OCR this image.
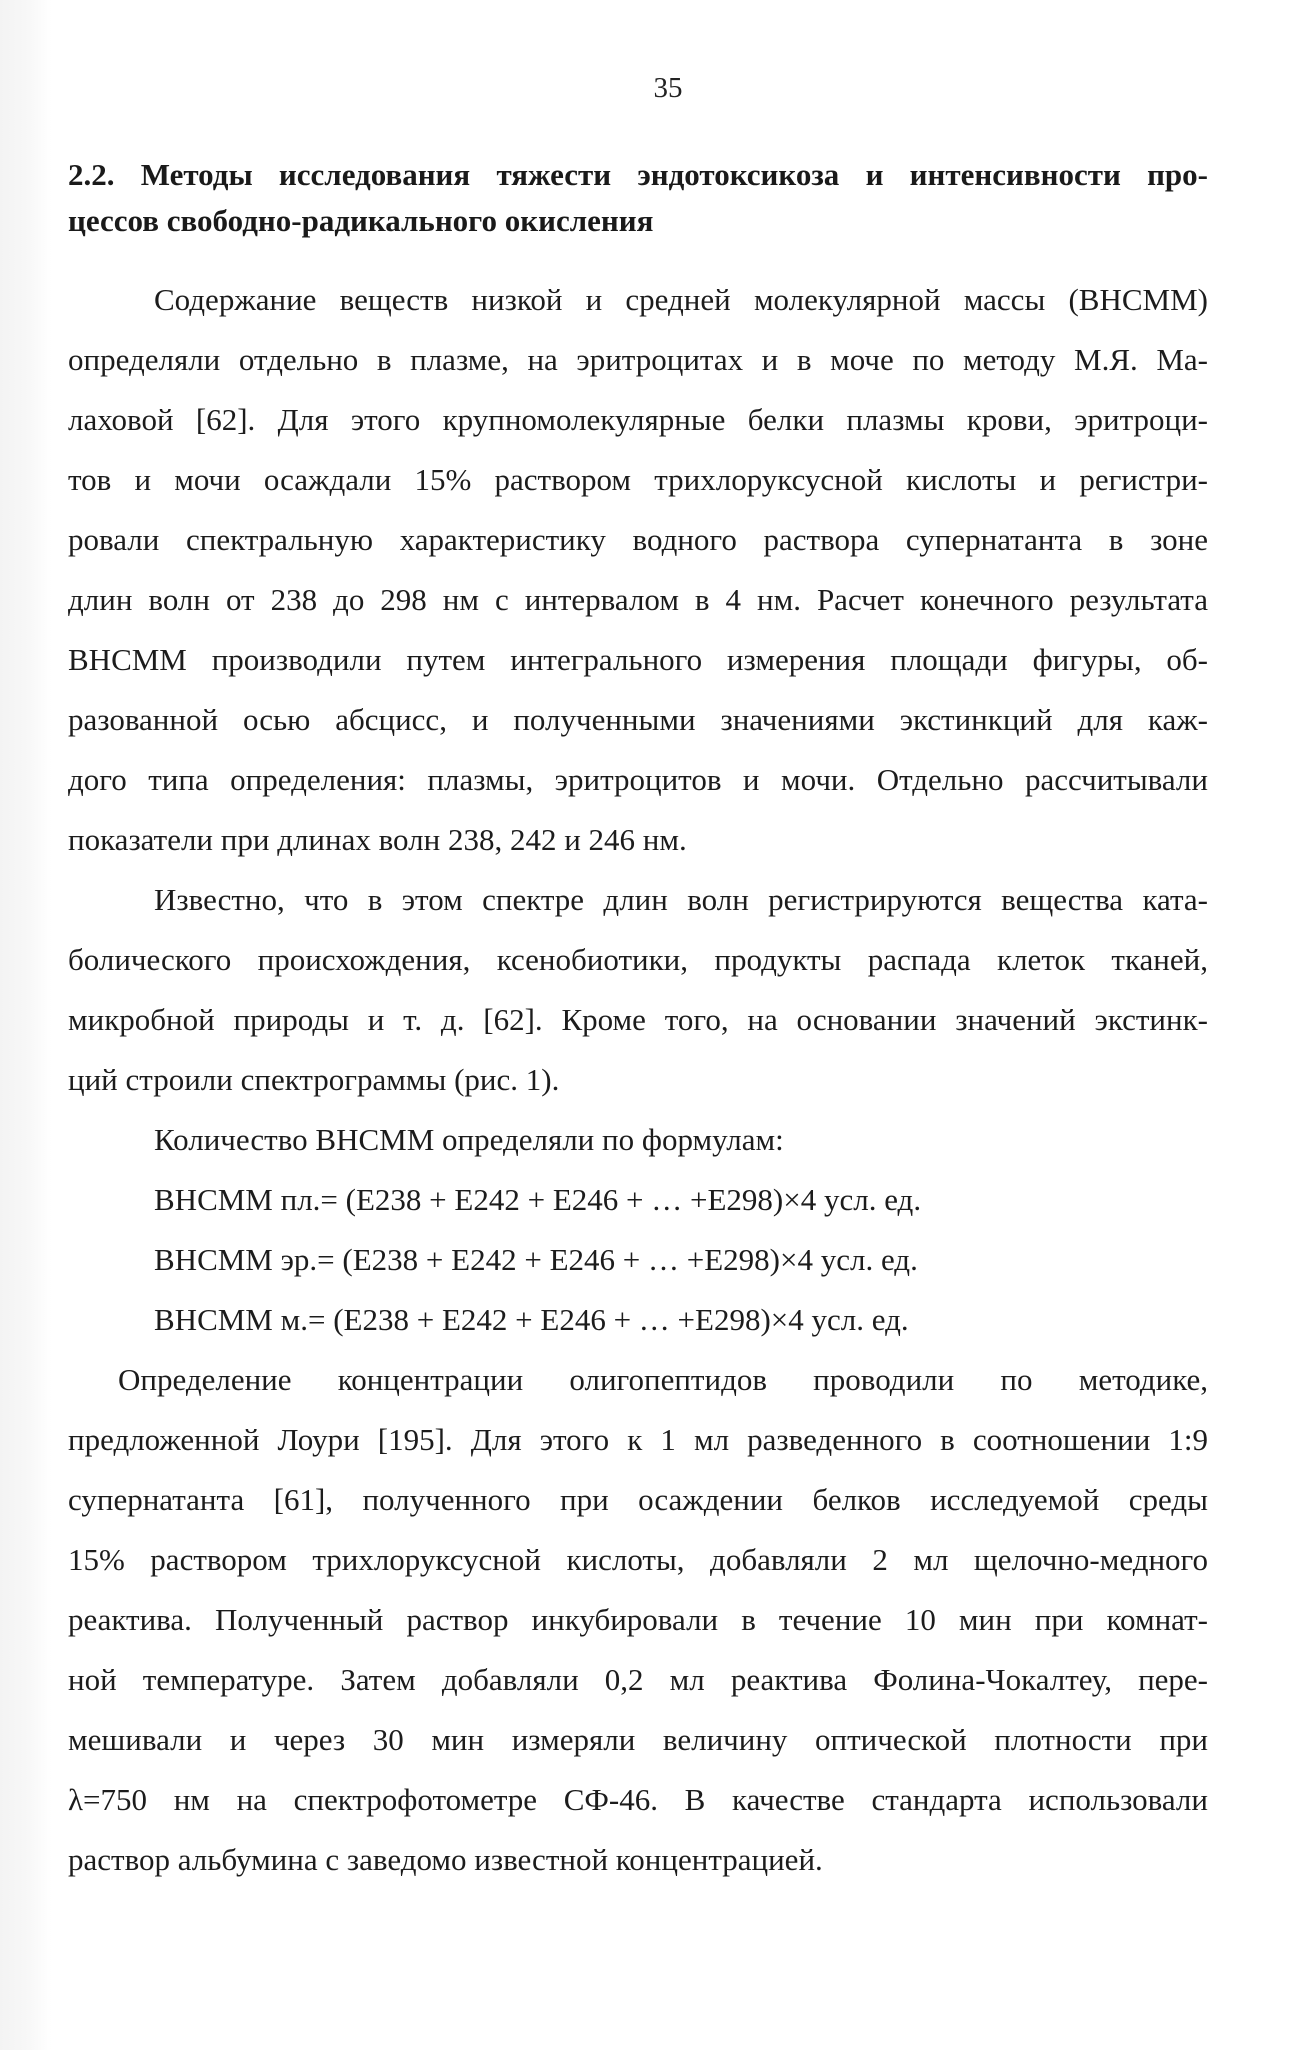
35
2.2. Методы исследования тяжести эндотоксикоза и интенсивности про-
цессов свободно-радикального окисления
Содержание веществ низкой и средней молекулярной массы (ВНСММ)
определяли отдельно в плазме, на эритроцитах и в моче по методу М.Я. Ма-
лаховой [62]. Для этого крупномолекулярные белки плазмы крови, эритроци-
тов и мочи осаждали 15% раствором трихлоруксусной кислоты и регистри-
ровали спектральную характеристику водного раствора супернатанта в зоне
длин волн от 238 до 298 нм с интервалом в 4 нм. Расчет конечного результата
ВНСММ производили путем интегрального измерения площади фигуры, об-
разованной осью абсцисс, и полученными значениями экстинкций для каж-
дого типа определения: плазмы, эритроцитов и мочи. Отдельно рассчитывали
показатели при длинах волн 238, 242 и 246 нм.
Известно, что в этом спектре длин волн регистрируются вещества ката-
болического происхождения, ксенобиотики, продукты распада клеток тканей,
микробной природы и т. д. [62]. Кроме того, на основании значений экстинк-
ций строили спектрограммы (рис. 1).
Количество ВНСММ определяли по формулам:
ВНСММ пл.= (Е238 + Е242 + Е246 + … +Е298)×4 усл. ед.
ВНСММ эр.= (Е238 + Е242 + Е246 + … +Е298)×4 усл. ед.
ВНСММ м.= (Е238 + Е242 + Е246 + … +Е298)×4 усл. ед.
Определение концентрации олигопептидов проводили по методике,
предложенной Лоури [195]. Для этого к 1 мл разведенного в соотношении 1:9
супернатанта [61], полученного при осаждении белков исследуемой среды
15% раствором трихлоруксусной кислоты, добавляли 2 мл щелочно-медного
реактива. Полученный раствор инкубировали в течение 10 мин при комнат-
ной температуре. Затем добавляли 0,2 мл реактива Фолина-Чокалтеу, пере-
мешивали и через 30 мин измеряли величину оптической плотности при
λ=750 нм на спектрофотометре СФ-46. В качестве стандарта использовали
раствор альбумина с заведомо известной концентрацией.
